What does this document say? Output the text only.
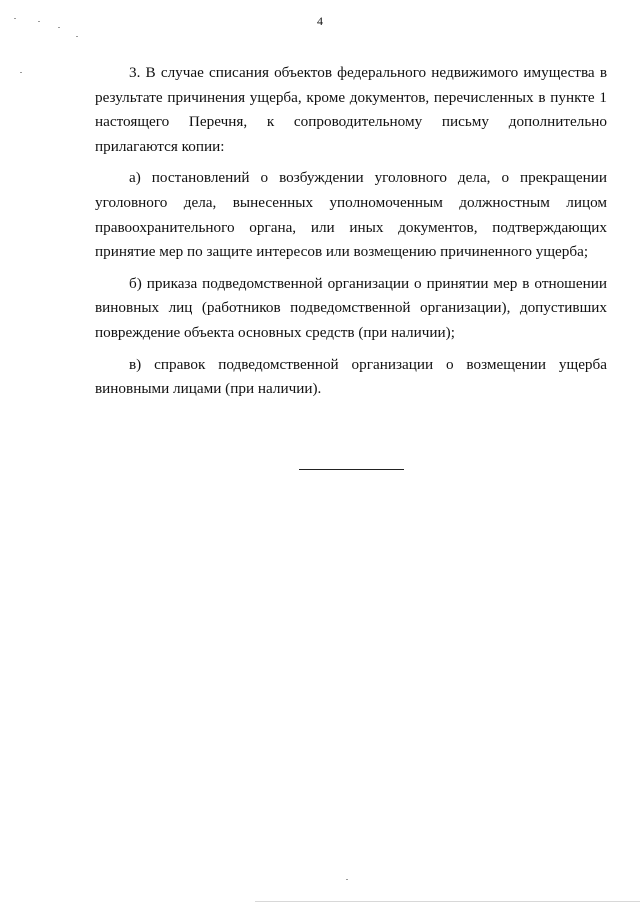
4

3. В случае списания объектов федерального недвижимого имущества в результате причинения ущерба, кроме документов, перечисленных в пункте 1 настоящего Перечня, к сопроводительному письму дополнительно прилагаются копии:

а) постановлений о возбуждении уголовного дела, о прекращении уголовного дела, вынесенных уполномоченным должностным лицом правоохранительного органа, или иных документов, подтверждающих принятие мер по защите интересов или возмещению причиненного ущерба;

б) приказа подведомственной организации о принятии мер в отношении виновных лиц (работников подведомственной организации), допустивших повреждение объекта основных средств (при наличии);

в) справок подведомственной организации о возмещении ущерба виновными лицами (при наличии).
